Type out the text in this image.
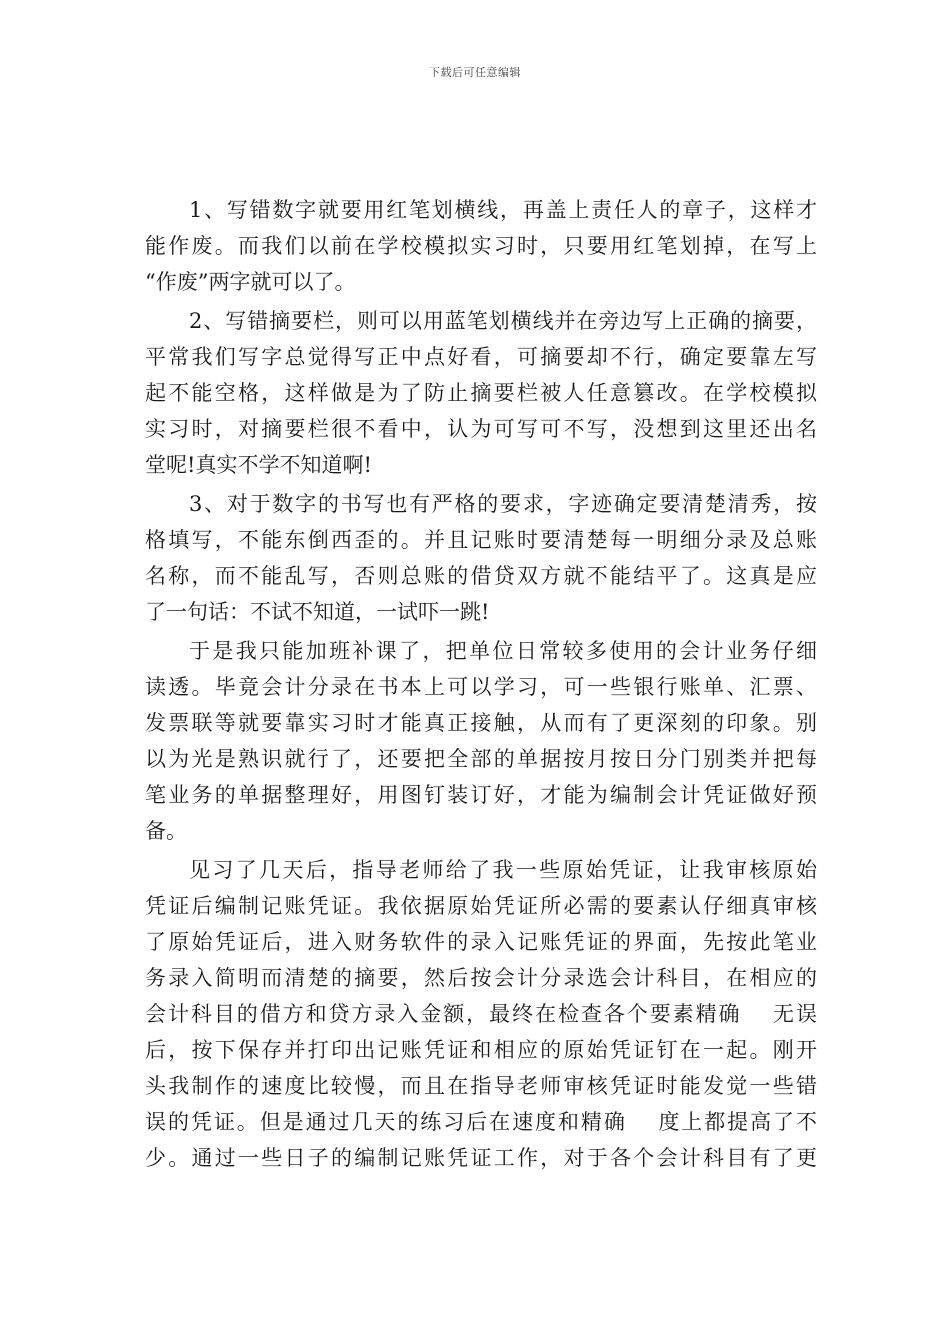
下载后可任意编辑
1、写错数字就要用红笔划横线，再盖上责任人的章子，这样才
能作废。而我们以前在学校模拟实习时，只要用红笔划掉，在写上
“作废”两字就可以了。
2、写错摘要栏，则可以用蓝笔划横线并在旁边写上正确的摘要，
平常我们写字总觉得写正中点好看，可摘要却不行，确定要靠左写
起不能空格，这样做是为了防止摘要栏被人任意篡改。在学校模拟
实习时，对摘要栏很不看中，认为可写可不写，没想到这里还出名
堂呢!真实不学不知道啊!
3、对于数字的书写也有严格的要求，字迹确定要清楚清秀，按
格填写，不能东倒西歪的。并且记账时要清楚每一明细分录及总账
名称，而不能乱写，否则总账的借贷双方就不能结平了。这真是应
了一句话：不试不知道，一试吓一跳!
于是我只能加班补课了，把单位日常较多使用的会计业务仔细
读透。毕竟会计分录在书本上可以学习，可一些银行账单、汇票、
发票联等就要靠实习时才能真正接触，从而有了更深刻的印象。别
以为光是熟识就行了，还要把全部的单据按月按日分门别类并把每
笔业务的单据整理好，用图钉装订好，才能为编制会计凭证做好预
备。
见习了几天后，指导老师给了我一些原始凭证，让我审核原始
凭证后编制记账凭证。我依据原始凭证所必需的要素认仔细真审核
了原始凭证后，进入财务软件的录入记账凭证的界面，先按此笔业
务录入简明而清楚的摘要，然后按会计分录选会计科目，在相应的
会计科目的借方和贷方录入金额，最终在检查各个要素精确　 无误
后，按下保存并打印出记账凭证和相应的原始凭证钉在一起。刚开
头我制作的速度比较慢，而且在指导老师审核凭证时能发觉一些错
误的凭证。但是通过几天的练习后在速度和精确　 度上都提高了不
少。通过一些日子的编制记账凭证工作，对于各个会计科目有了更
